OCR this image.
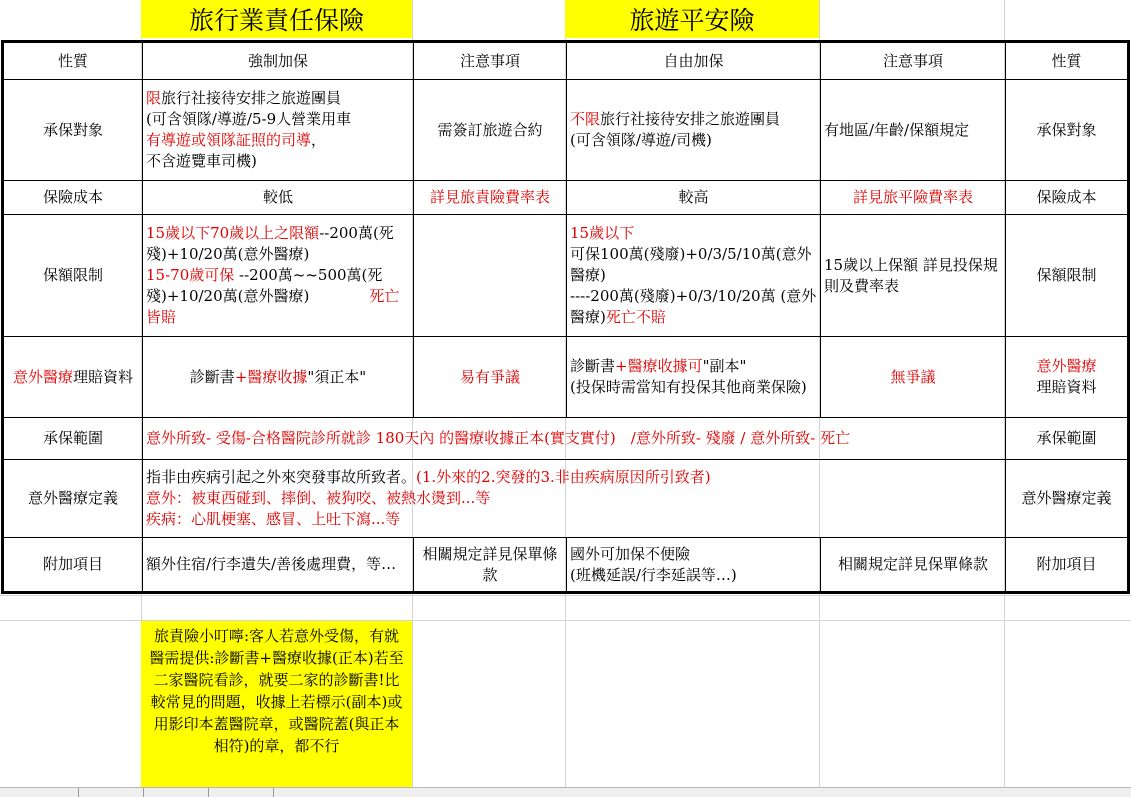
旅行業責任保險	旅遊平安險
性質	強制加保	注意事項	自由加保	注意事項	性質
承保對象	限旅行社接待安排之旅遊團員
(可含領隊/導遊/5-9人營業用車
有導遊或領隊証照的司導，
不含遊覽車司機)	需簽訂旅遊合約	不限旅行社接待安排之旅遊團員　　　(可含領隊/導遊/司機)	有地區/年齡/保額規定	承保對象
保險成本	較低	詳見旅責險費率表	較高	詳見旅平險費率表	保險成本
保額限制	15歲以下70歲以上之限額--200萬(死殘)+10/20萬(意外醫療)
15-70歲可保 --200萬~~500萬(死殘)+10/20萬(意外醫療)　　　　 死亡皆賠		15歲以下
可保100萬(殘廢)+0/3/5/10萬(意外醫療)
----200萬(殘廢)+0/3/10/20萬 (意外醫療)死亡不賠	15歲以上保額 詳見投保規則及費率表	保額限制
意外醫療理賠資料	診斷書+醫療收據"須正本"	易有爭議	診斷書+醫療收據可"副本"
(投保時需當知有投保其他商業保險)	無爭議	意外醫療
理賠資料
承保範圍	意外所致- 受傷-合格醫院診所就診 180天內 的醫療收據正本(實支實付)　/意外所致- 殘廢 / 意外所致- 死亡				承保範圍
意外醫療定義	指非由疾病引起之外來突發事故所致者。(1.外來的2.突發的3.非由疾病原因所引致者)
意外：被東西碰到、摔倒、被狗咬、被熱水燙到...等
疾病：心肌梗塞、感冒、上吐下瀉...等				意外醫療定義
附加項目	額外住宿/行李遺失/善後處理費，等…	相關規定詳見保單條款	國外可加保不便險
(班機延誤/行李延誤等…)	相關規定詳見保單條款	附加項目
旅責險小叮嚀:客人若意外受傷，有就醫需提供:診斷書+醫療收據(正本)若至二家醫院看診，就要二家的診斷書!比較常見的問題，收據上若標示(副本)或用影印本蓋醫院章，或醫院蓋(與正本相符)的章，都不行
